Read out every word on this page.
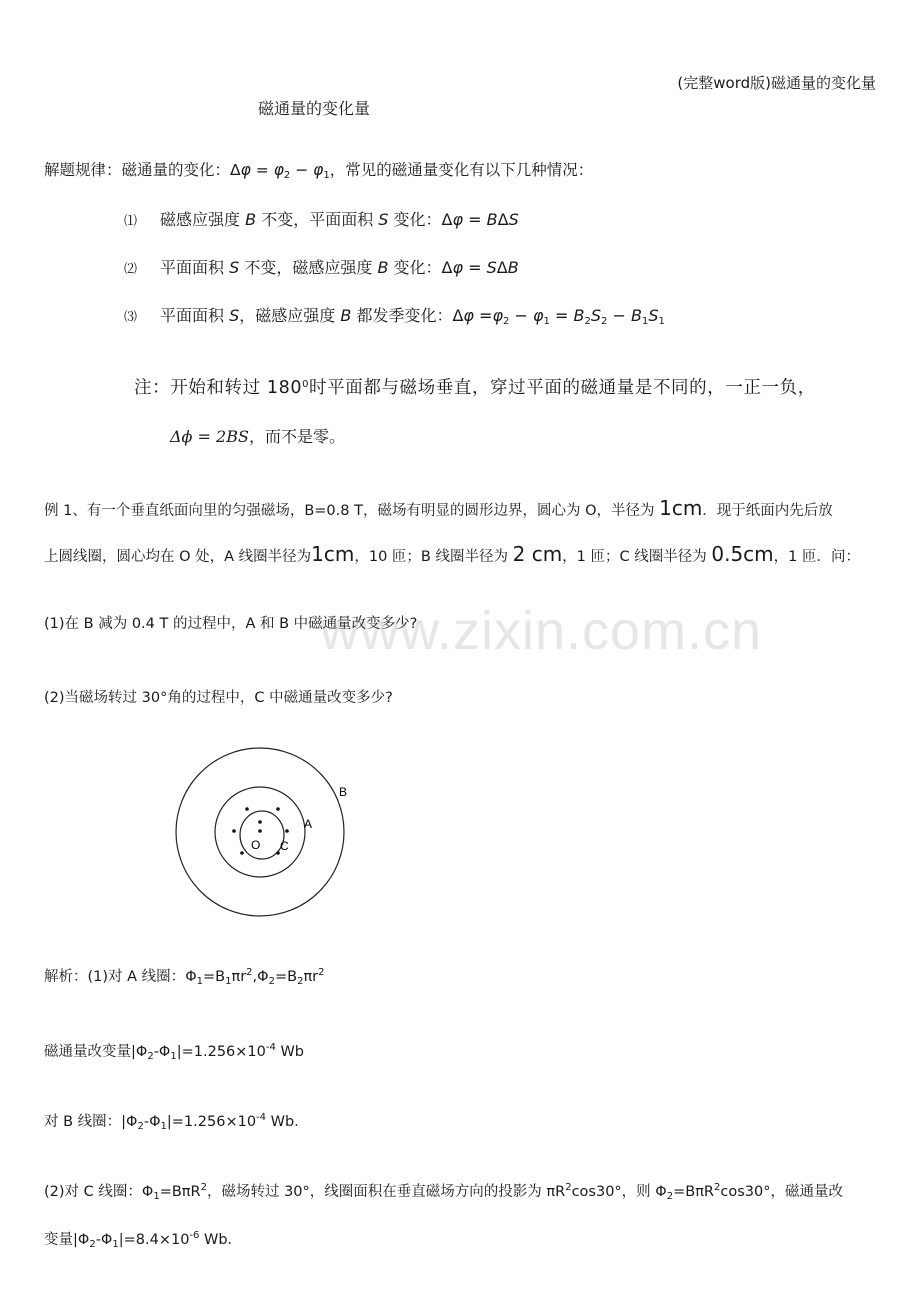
www.zixin.com.cn
(完整word版)磁通量的变化量
磁通量的变化量
解题规律：磁通量的变化：$\Delta\varphi = \varphi_2 - \varphi_1$，常见的磁通量变化有以下几种情况：
⑴ 磁感应强度 B 不变，平面面积 S 变化：Δφ = BΔS
⑵ 平面面积 S 不变，磁感应强度 B 变化：Δφ = SΔB
⑶ 平面面积 S，磁感应强度 B 都发季变化：$\Delta\varphi =\varphi_2 - \varphi_1 = B_2S_2 - B_1S_1$
注：开始和转过 $180^0$时平面都与磁场垂直，穿过平面的磁通量是不同的，一正一负，
Δϕ = 2BS，而不是零。
例 1、有一个垂直纸面向里的匀强磁场，B=0.8 T，磁场有明显的圆形边界，圆心为 O，半径为 1cm．现于纸面内先后放
上圆线圈，圆心均在 O 处，A 线圈半径为1cm，10 匝；B 线圈半径为 2 cm，1 匝；C 线圈半径为 0.5cm，1 匝．问：
(1)在 B 减为 0.4 T 的过程中，A 和 B 中磁通量改变多少?
(2)当磁场转过 30°角的过程中，C 中磁通量改变多少?
B
A
O C
解析：(1)对 A 线圈：$\Phi_1=B_1\pi r^2,\Phi_2=B_2\pi r^2$
磁通量改变量$|\Phi_2-\Phi_1|=1.256\times 10^{-4}$ Wb
对 B 线圈：$|\Phi_2-\Phi_1|=1.256\times 10^{-4}$ Wb.
(2)对 C 线圈：$\Phi_1=B\pi R^2$，磁场转过 30°，线圈面积在垂直磁场方向的投影为 $\pi R^2\cos 30^\circ$，则 $\Phi_2=B\pi R^2\cos 30^\circ$，磁通量改
变量$|\Phi_2-\Phi_1|=8.4\times 10^{-6}$ Wb．
